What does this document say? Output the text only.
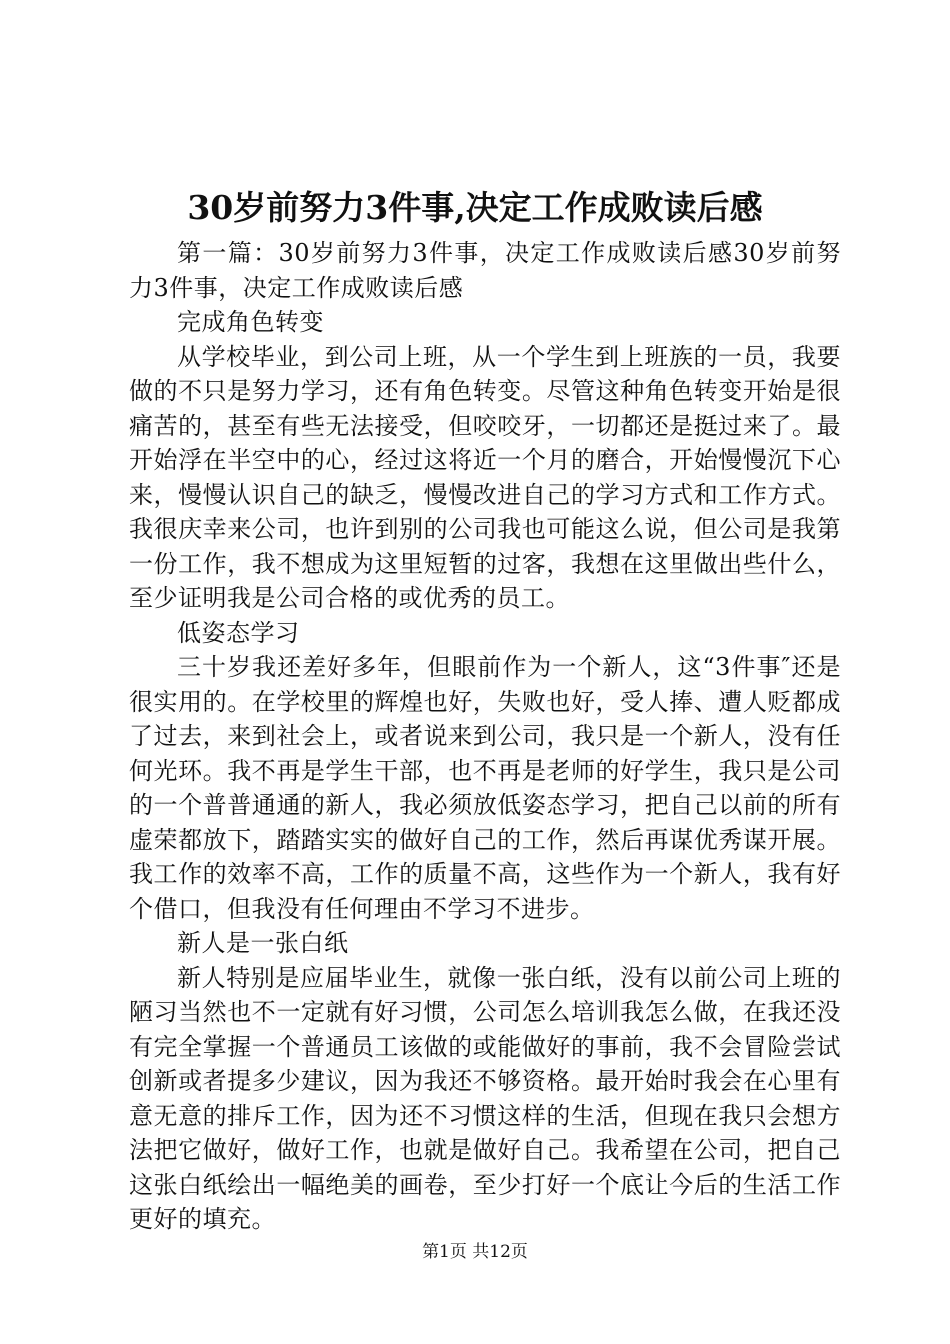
30岁前努力3件事,决定工作成败读后感

第一篇：30岁前努力3件事，决定工作成败读后感30岁前努力3件事，决定工作成败读后感

完成角色转变

从学校毕业，到公司上班，从一个学生到上班族的一员，我要做的不只是努力学习，还有角色转变。尽管这种角色转变开始是很痛苦的，甚至有些无法接受，但咬咬牙，一切都还是挺过来了。最开始浮在半空中的心，经过这将近一个月的磨合，开始慢慢沉下心来，慢慢认识自己的缺乏，慢慢改进自己的学习方式和工作方式。我很庆幸来公司，也许到别的公司我也可能这么说，但公司是我第一份工作，我不想成为这里短暂的过客，我想在这里做出些什么，至少证明我是公司合格的或优秀的员工。

低姿态学习

三十岁我还差好多年，但眼前作为一个新人，这“3件事″还是很实用的。在学校里的辉煌也好，失败也好，受人捧、遭人贬都成了过去，来到社会上，或者说来到公司，我只是一个新人，没有任何光环。我不再是学生干部，也不再是老师的好学生，我只是公司的一个普普通通的新人，我必须放低姿态学习，把自己以前的所有虚荣都放下，踏踏实实的做好自己的工作，然后再谋优秀谋开展。我工作的效率不高，工作的质量不高，这些作为一个新人，我有好个借口，但我没有任何理由不学习不进步。

新人是一张白纸

新人特别是应届毕业生，就像一张白纸，没有以前公司上班的陋习当然也不一定就有好习惯，公司怎么培训我怎么做，在我还没有完全掌握一个普通员工该做的或能做好的事前，我不会冒险尝试创新或者提多少建议，因为我还不够资格。最开始时我会在心里有意无意的排斥工作，因为还不习惯这样的生活，但现在我只会想方法把它做好，做好工作，也就是做好自己。我希望在公司，把自己这张白纸绘出一幅绝美的画卷，至少打好一个底让今后的生活工作更好的填充。

第1页 共12页
